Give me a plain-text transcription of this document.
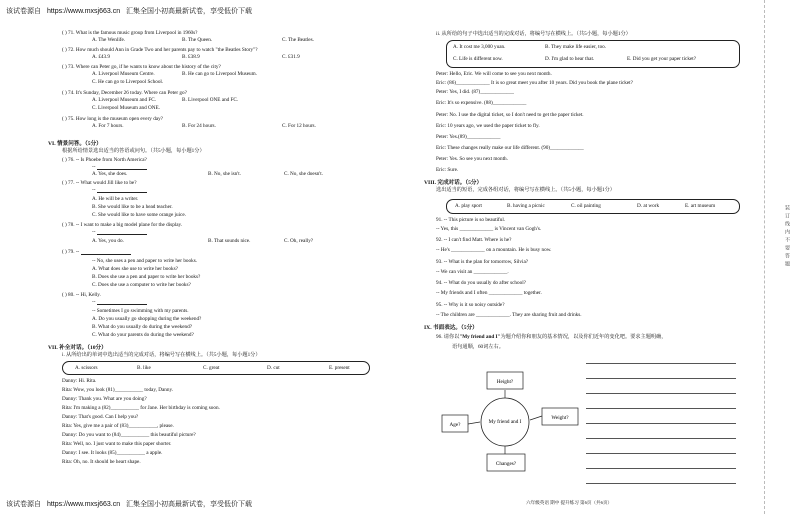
该试卷源自 https://www.mxsj663.cn 汇集全国小初高最新试卷，享受低价下载
( ) 71. What is the famous music group from Liverpool in 1960s?
A. The Wenlife.	B. The Queen.	C. The Beatles.
( ) 72. How much should Ann in Grade Two and her parents pay to watch "the Beatles Story"?
A. £43.9	B. £38.9	C. £31.9
( ) 73. Where can Peter go, if he wants to know about the history of the city?
A. Liverpool Museum Centre.	B. He can go to Liverpool Museum.
C. He can go to Liverpool School.
( ) 74. It's Sunday, December 26 today. Where can Peter go?
A. Liverpool Museum and FC.	B. Liverpool ONE and FC.
C. Liverpool Museum and ONE.
( ) 75. How long is the museum open every day?
A. For 7 hours.	B. For 24 hours.	C. For 12 hours.
VI. 情景问答。（5分）
根据所给情景选出适当的答语或问句。（共5小题，每小题1分）
( ) 76. -- Is Phoebe from North America?
--
A. Yes, she does.	B. No, she isn't.	C. No, she doesn't.
( ) 77. -- What would Jill like to be?
--
A. He will be a writer.
B. She would like to be a head teacher.
C. She would like to have some orange juice.
( ) 78. -- I want to make a big model plane for the display.
--
A. Yes, you do.	B. That sounds nice.	C. Oh, really?
( ) 79. --
-- No, she uses a pen and paper to write her books.
A. What does she use to write her books?
B. Does she use a pen and paper to write her books?
C. Does she use a computer to write her books?
( ) 80. -- Hi, Kelly.
--
-- Sometimes I go swimming with my parents.
A. Do you usually go shopping during the weekend?
B. What do you usually do during the weekend?
C. What do your parents do during the weekend?
VII. 补全对话。（10分）
i. 从所给出的单词中选出适当的完成对话，将编号写在横线上。（共5小题，每小题1分）
A. scissors	B. like	C. great	D. cut	E. present
Danny: Hi. Rita.
Rita: Wow, you look (81)___________ today, Danny.
Danny: Thank you. What are you doing?
Rita: I'm making a (82)___________ for Jane. Her birthday is coming soon.
Danny: That's good. Can I help you?
Rita: Yes, give me a pair of (83)___________, please.
Danny: Do you want to (84)___________ this beautiful picture?
Rita: Well, no. I just want to make this paper shorter.
Danny: I see. It looks (85)___________ a apple.
Rita: Oh, no. It should be heart shape.
ii. 从所给的句子中选出适当的完成对话，将编号写在横线上。（共5小题，每小题1分）
A. It cost me 3,000 yuan.	B. They make life easier, too.
C. Life is different now.	D. I'm glad to hear that.	E. Did you get your paper ticket?
Peter: Hello, Eric. We will come to see you next month.
Eric: (86)_____________ It is so great meet you after 10 years. Did you book the plane ticket?
Peter: Yes, I did. (87)_____________
Eric: It's so expensive. (88)_____________
Peter: No. I use the digital ticket, so I don't need to get the paper ticket.
Eric: 10 years ago, we used the paper ticket to fly.
Peter: Yes.(89)_____________
Eric: These changes really make our life different. (90)_____________
Peter: Yes. So see you next month.
Eric: Sure.
VIII. 完成对话。（5分）
选出适当的短语，完成各组对话，将编号写在横线上。（共5小题，每小题1分）
A. play sport	B. having a picnic	C. oil painting	D. at work	E. art museum
91. -- This picture is so beautiful.
-- Yes, this _____________ is Vincent van Gogh's.
92. -- I can't find Matt. Where is he?
-- He's _____________ on a mountain. He is busy now.
93. -- What is the plan for tomorrow, Silvia?
-- We can visit an _____________.
94. -- What do you usually do after school?
-- My friends and I often _____________ together.
95. -- Why is it so noisy outside?
-- The children are _____________. They are sharing fruit and drinks.
IX. 书面表达。（5分）
96. 请你以"My friend and I"为题介绍你和朋友的基本情况，以及你们近年的变化吧。要求主题明确，
语句通顺，60词左右。
My friend and I
Height?
Age?
Weight?
Changes?
六年级英语 期中 提升练习 第6页（共6页）
装订线内不要答题
该试卷源自 https://www.mxsj663.cn 汇集全国小初高最新试卷，享受低价下载
